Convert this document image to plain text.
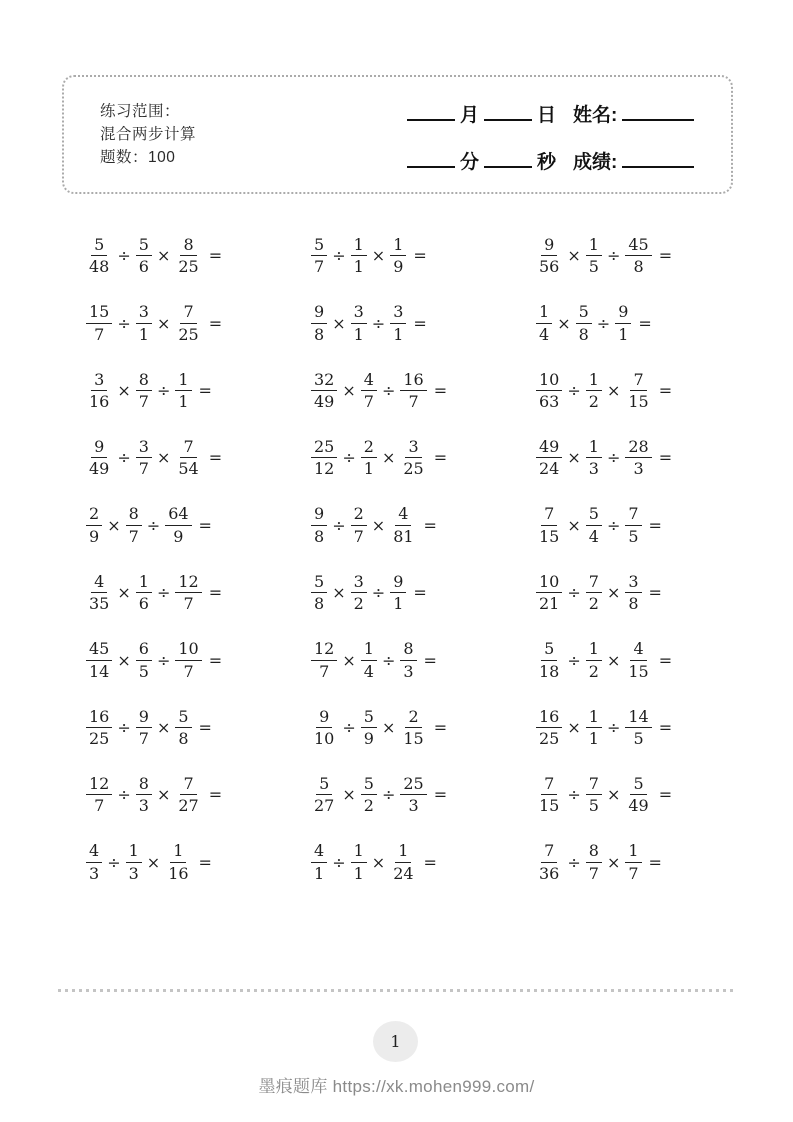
练习范围：
混合两步计算
题数：100
月	日 姓名:
分	秒 成绩:
$\frac{5}{48} \div \frac{5}{6} \times \frac{8}{25}$ =	$\frac{5}{7} \div \frac{1}{1} \times \frac{1}{9}$ =	$\frac{9}{56} \times \frac{1}{5} \div \frac{45}{8}$ =
$\frac{15}{7} \div \frac{3}{1} \times \frac{7}{25}$ =	$\frac{9}{8} \times \frac{3}{1} \div \frac{3}{1}$ =	$\frac{1}{4} \times \frac{5}{8} \div \frac{9}{1}$ =
$\frac{3}{16} \times \frac{8}{7} \div \frac{1}{1}$ =	$\frac{32}{49} \times \frac{4}{7} \div \frac{16}{7}$ =	$\frac{10}{63} \div \frac{1}{2} \times \frac{7}{15}$ =
$\frac{9}{49} \div \frac{3}{7} \times \frac{7}{54}$ =	$\frac{25}{12} \div \frac{2}{1} \times \frac{3}{25}$ =	$\frac{49}{24} \times \frac{1}{3} \div \frac{28}{3}$ =
$\frac{2}{9} \times \frac{8}{7} \div \frac{64}{9}$ =	$\frac{9}{8} \div \frac{2}{7} \times \frac{4}{81}$ =	$\frac{7}{15} \times \frac{5}{4} \div \frac{7}{5}$ =
$\frac{4}{35} \times \frac{1}{6} \div \frac{12}{7}$ =	$\frac{5}{8} \times \frac{3}{2} \div \frac{9}{1}$ =	$\frac{10}{21} \div \frac{7}{2} \times \frac{3}{8}$ =
$\frac{45}{14} \times \frac{6}{5} \div \frac{10}{7}$ =	$\frac{12}{7} \times \frac{1}{4} \div \frac{8}{3}$ =	$\frac{5}{18} \div \frac{1}{2} \times \frac{4}{15}$ =
$\frac{16}{25} \div \frac{9}{7} \times \frac{5}{8}$ =	$\frac{9}{10} \div \frac{5}{9} \times \frac{2}{15}$ =	$\frac{16}{25} \times \frac{1}{1} \div \frac{14}{5}$ =
$\frac{12}{7} \div \frac{8}{3} \times \frac{7}{27}$ =	$\frac{5}{27} \times \frac{5}{2} \div \frac{25}{3}$ =	$\frac{7}{15} \div \frac{7}{5} \times \frac{5}{49}$ =
$\frac{4}{3} \div \frac{1}{3} \times \frac{1}{16}$ =	$\frac{4}{1} \div \frac{1}{1} \times \frac{1}{24}$ =	$\frac{7}{36} \div \frac{8}{7} \times \frac{1}{7}$ =
1
墨痕题库 https://xk.mohen999.com/
